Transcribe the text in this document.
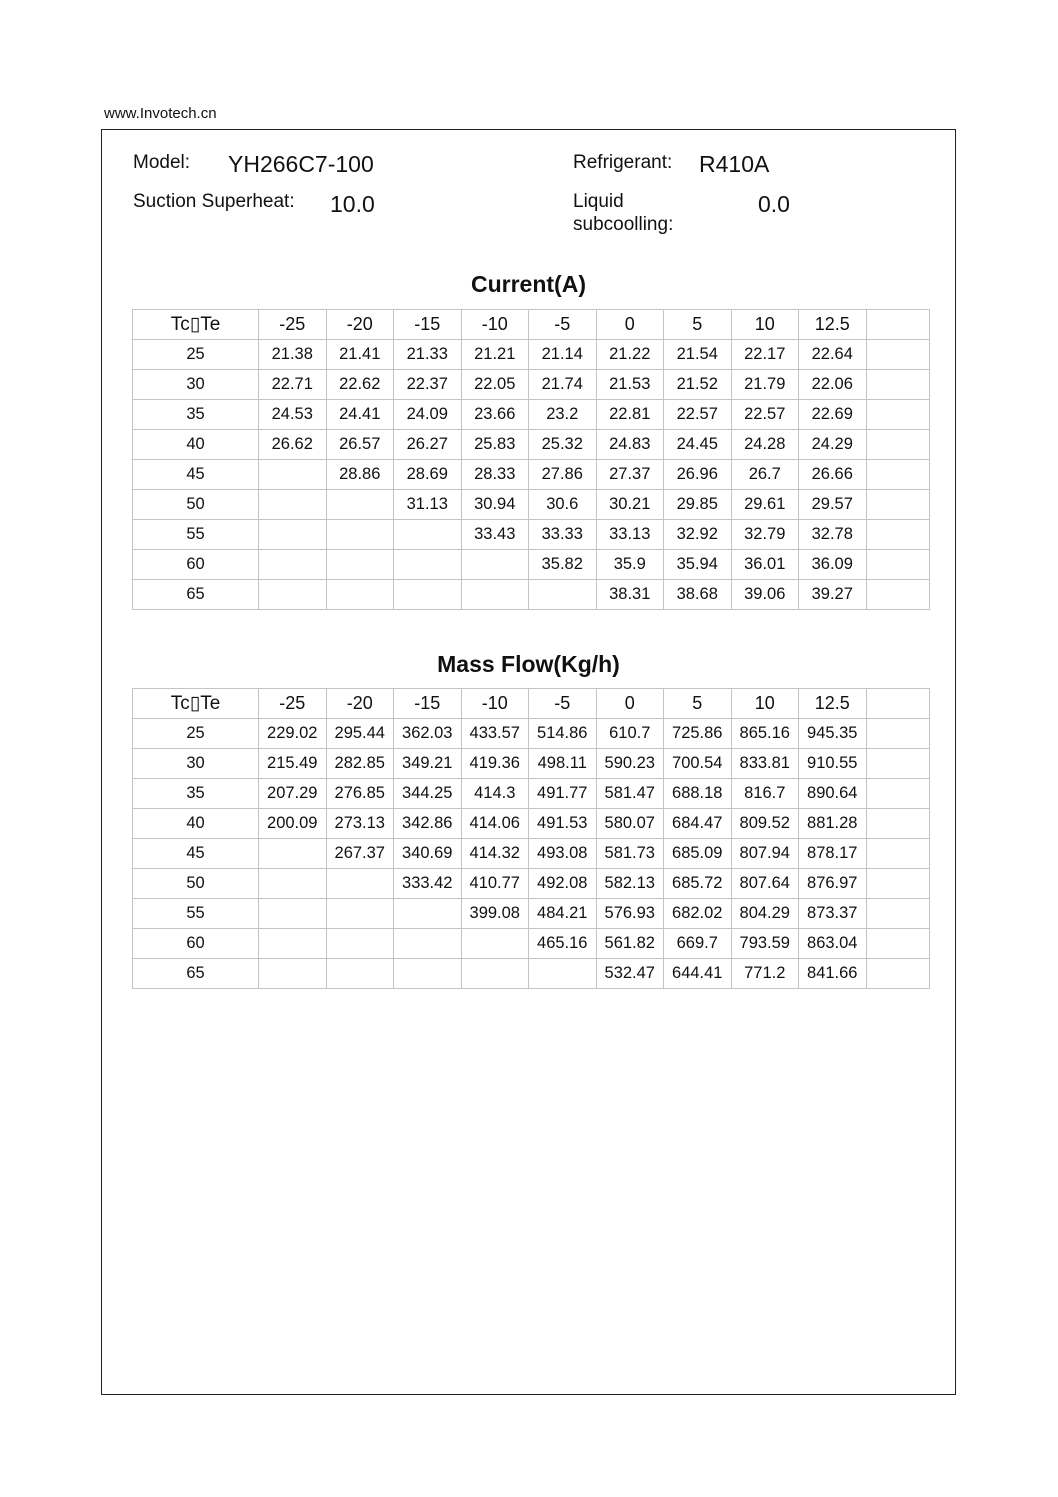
www.Invotech.cn
Model: YH266C7-100	Refrigerant: R410A
Suction Superheat: 10.0	Liquid
subcoolling:
0.0
Current(A)
Tc▯Te	-25	-20	-15	-10	-5	0	5	10	12.5	
25	21.38	21.41	21.33	21.21	21.14	21.22	21.54	22.17	22.64	
30	22.71	22.62	22.37	22.05	21.74	21.53	21.52	21.79	22.06	
35	24.53	24.41	24.09	23.66	23.2	22.81	22.57	22.57	22.69	
40	26.62	26.57	26.27	25.83	25.32	24.83	24.45	24.28	24.29	
45		28.86	28.69	28.33	27.86	27.37	26.96	26.7	26.66	
50			31.13	30.94	30.6	30.21	29.85	29.61	29.57	
55				33.43	33.33	33.13	32.92	32.79	32.78	
60					35.82	35.9	35.94	36.01	36.09	
65						38.31	38.68	39.06	39.27	
Mass Flow(Kg/h)
Tc▯Te	-25	-20	-15	-10	-5	0	5	10	12.5	
25	229.02	295.44	362.03	433.57	514.86	610.7	725.86	865.16	945.35	
30	215.49	282.85	349.21	419.36	498.11	590.23	700.54	833.81	910.55	
35	207.29	276.85	344.25	414.3	491.77	581.47	688.18	816.7	890.64	
40	200.09	273.13	342.86	414.06	491.53	580.07	684.47	809.52	881.28	
45		267.37	340.69	414.32	493.08	581.73	685.09	807.94	878.17	
50			333.42	410.77	492.08	582.13	685.72	807.64	876.97	
55				399.08	484.21	576.93	682.02	804.29	873.37	
60					465.16	561.82	669.7	793.59	863.04	
65						532.47	644.41	771.2	841.66	
